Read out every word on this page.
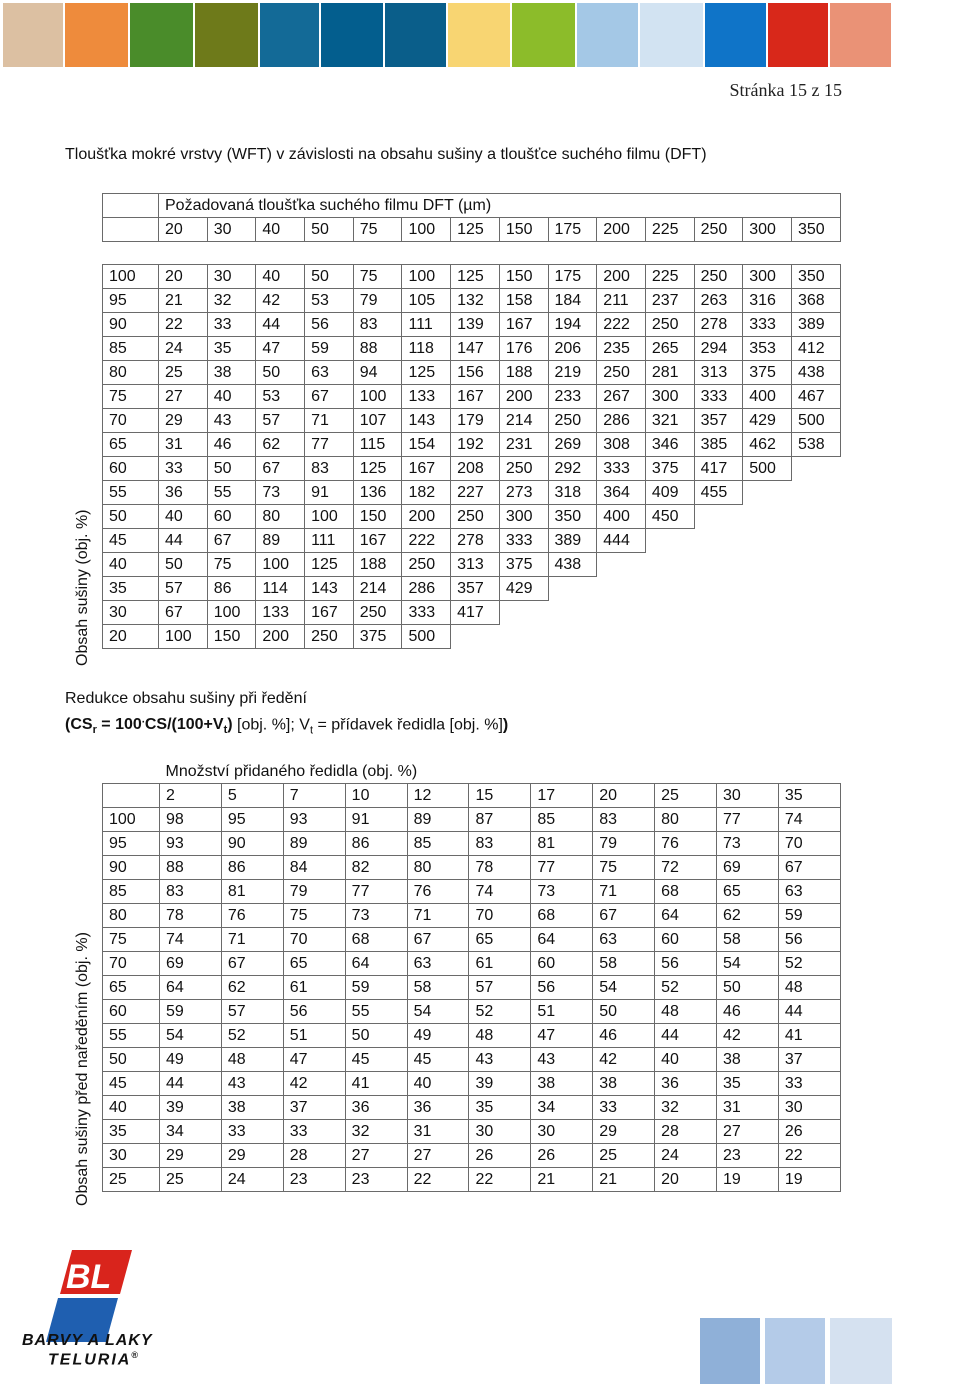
Stránka 15 z 15
Tloušťka mokré vrstvy (WFT) v závislosti na obsahu sušiny a tloušťce suchého filmu (DFT)
Obsah sušiny (obj. %)
	Požadovaná tloušťka suchého filmu DFT (µm)													
	20	30	40	50	75	100	125	150	175	200	225	250	300	350

100	20	30	40	50	75	100	125	150	175	200	225	250	300	350
95	21	32	42	53	79	105	132	158	184	211	237	263	316	368
90	22	33	44	56	83	111	139	167	194	222	250	278	333	389
85	24	35	47	59	88	118	147	176	206	235	265	294	353	412
80	25	38	50	63	94	125	156	188	219	250	281	313	375	438
75	27	40	53	67	100	133	167	200	233	267	300	333	400	467
70	29	43	57	71	107	143	179	214	250	286	321	357	429	500
65	31	46	62	77	115	154	192	231	269	308	346	385	462	538
60	33	50	67	83	125	167	208	250	292	333	375	417	500	
55	36	55	73	91	136	182	227	273	318	364	409	455		
50	40	60	80	100	150	200	250	300	350	400	450			
45	44	67	89	111	167	222	278	333	389	444				
40	50	75	100	125	188	250	313	375	438					
35	57	86	114	143	214	286	357	429						
30	67	100	133	167	250	333	417							
20	100	150	200	250	375	500								
Redukce obsahu sušiny při ředění
($CS_r = 100^.CS/(100+V_t)$ [obj. %]; $V_t$ = přídavek ředidla [obj. %])
Obsah sušiny před naředěním (obj. %)
	Množství přidaného ředidla (obj. %)										
	2	5	7	10	12	15	17	20	25	30	35
100	98	95	93	91	89	87	85	83	80	77	74
95	93	90	89	86	85	83	81	79	76	73	70
90	88	86	84	82	80	78	77	75	72	69	67
85	83	81	79	77	76	74	73	71	68	65	63
80	78	76	75	73	71	70	68	67	64	62	59
75	74	71	70	68	67	65	64	63	60	58	56
70	69	67	65	64	63	61	60	58	56	54	52
65	64	62	61	59	58	57	56	54	52	50	48
60	59	57	56	55	54	52	51	50	48	46	44
55	54	52	51	50	49	48	47	46	44	42	41
50	49	48	47	45	45	43	43	42	40	38	37
45	44	43	42	41	40	39	38	38	36	35	33
40	39	38	37	36	36	35	34	33	32	31	30
35	34	33	33	32	31	30	30	29	28	27	26
30	29	29	28	27	27	26	26	25	24	23	22
25	25	24	23	23	22	22	21	21	20	19	19
BL
BARVY A LAKY
TELURIA®
